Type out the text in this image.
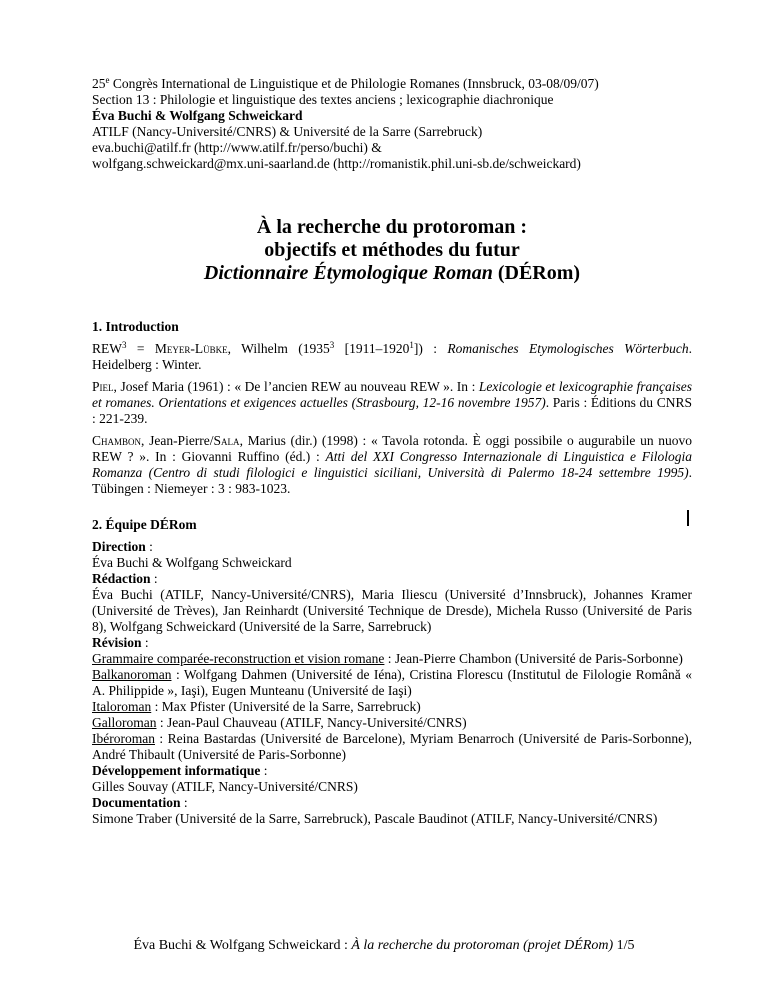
25e Congrès International de Linguistique et de Philologie Romanes (Innsbruck, 03-08/09/07)
Section 13 : Philologie et linguistique des textes anciens ; lexicographie diachronique
Éva Buchi & Wolfgang Schweickard
ATILF (Nancy-Université/CNRS) & Université de la Sarre (Sarrebruck)
eva.buchi@atilf.fr (http://www.atilf.fr/perso/buchi) &
wolfgang.schweickard@mx.uni-saarland.de (http://romanistik.phil.uni-sb.de/schweickard)
À la recherche du protoroman :
objectifs et méthodes du futur
Dictionnaire Étymologique Roman (DÉRom)
1. Introduction
$REW^3$ = Meyer-Lübke, Wilhelm (1935$^3$ [1911–1920$^1$]) : Romanisches Etymologisches Wörterbuch. Heidelberg : Winter.
Piel, Josef Maria (1961) : « De l’ancien REW au nouveau REW ». In : Lexicologie et lexicographie françaises et romanes. Orientations et exigences actuelles (Strasbourg, 12-16 novembre 1957). Paris : Éditions du CNRS : 221-239.
Chambon, Jean-Pierre/Sala, Marius (dir.) (1998) : « Tavola rotonda. È oggi possibile o augurabile un nuovo REW ? ». In : Giovanni Ruffino (éd.) : Atti del XXI Congresso Internazionale di Linguistica e Filologia Romanza (Centro di studi filologici e linguistici siciliani, Università di Palermo 18-24 settembre 1995). Tübingen : Niemeyer : 3 : 983-1023.
2. Équipe DÉRom
Direction :
Éva Buchi & Wolfgang Schweickard
Rédaction :
Éva Buchi (ATILF, Nancy-Université/CNRS), Maria Iliescu (Université d’Innsbruck), Johannes Kramer (Université de Trèves), Jan Reinhardt (Université Technique de Dresde), Michela Russo (Université de Paris 8), Wolfgang Schweickard (Université de la Sarre, Sarrebruck)
Révision :
Grammaire comparée-reconstruction et vision romane : Jean-Pierre Chambon (Université de Paris-Sorbonne)
Balkanoroman : Wolfgang Dahmen (Université de Iéna), Cristina Florescu (Institutul de Filologie Română « A. Philippide », Iaşi), Eugen Munteanu (Université de Iaşi)
Italoroman : Max Pfister (Université de la Sarre, Sarrebruck)
Galloroman : Jean-Paul Chauveau (ATILF, Nancy-Université/CNRS)
Ibéroroman : Reina Bastardas (Université de Barcelone), Myriam Benarroch (Université de Paris-Sorbonne), André Thibault (Université de Paris-Sorbonne)
Développement informatique :
Gilles Souvay (ATILF, Nancy-Université/CNRS)
Documentation :
Simone Traber (Université de la Sarre, Sarrebruck), Pascale Baudinot (ATILF, Nancy-Université/CNRS)
Éva Buchi & Wolfgang Schweickard : À la recherche du protoroman (projet DÉRom) 1/5
